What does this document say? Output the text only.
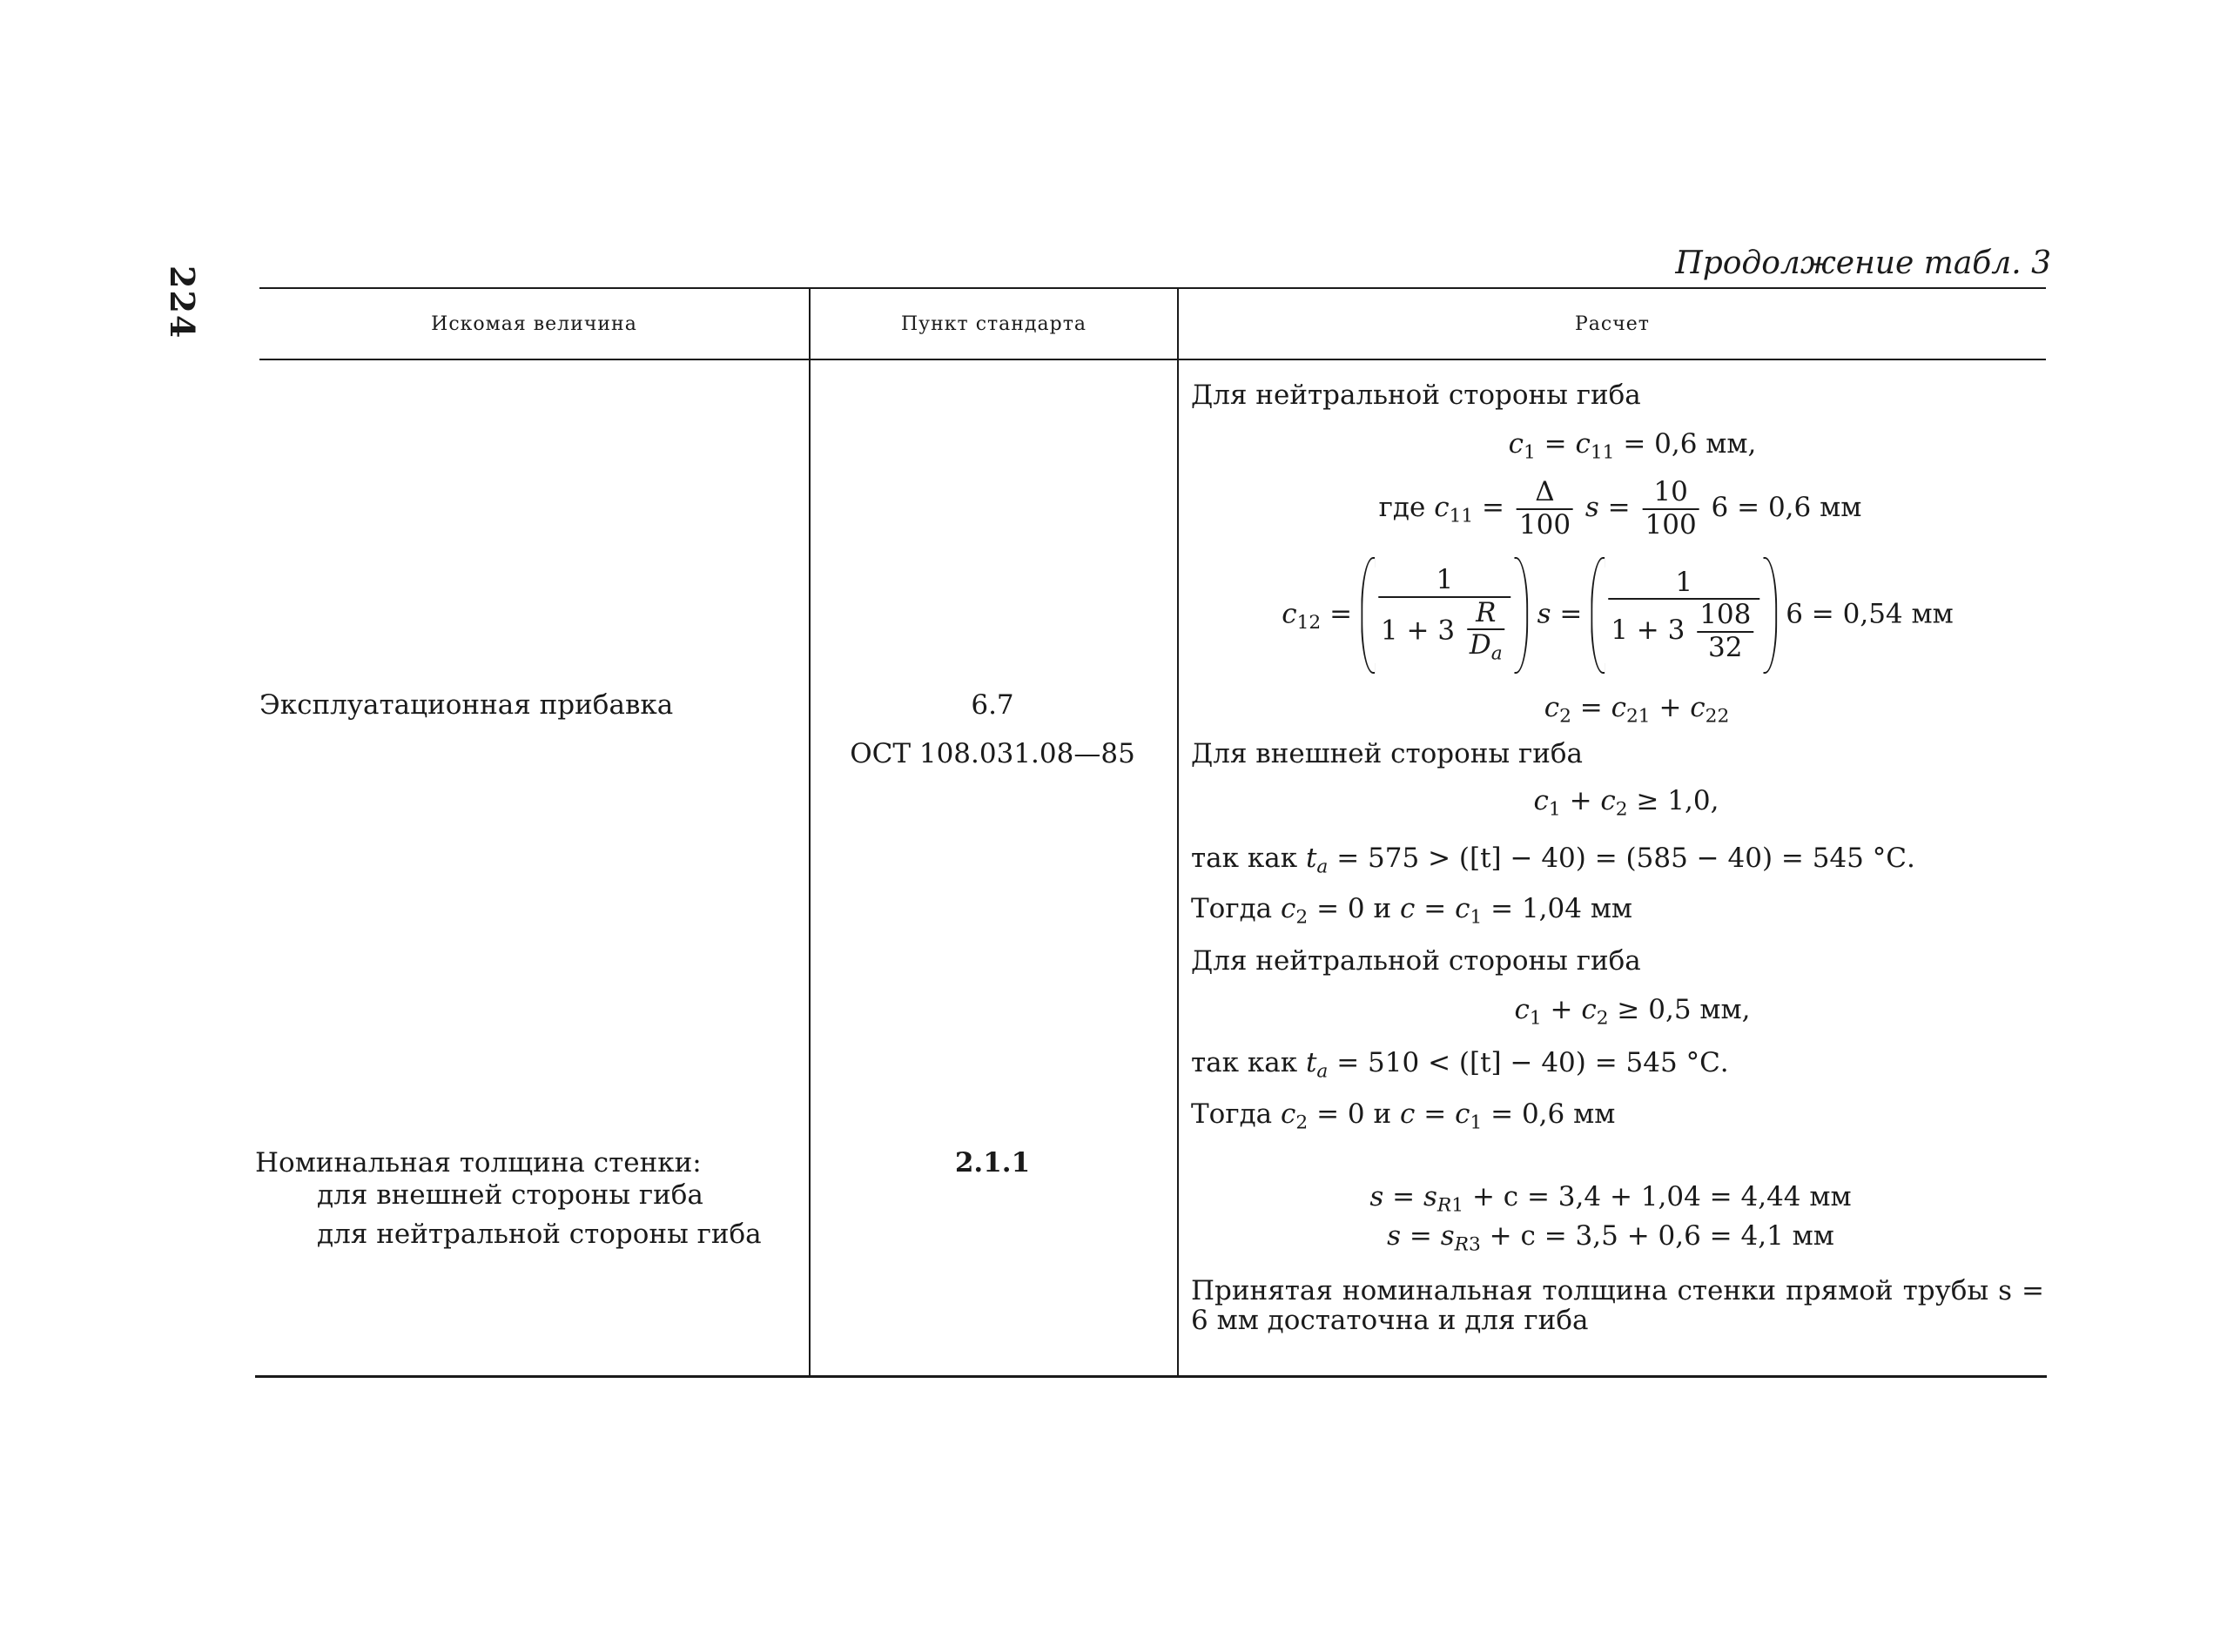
224
Продолжение табл. 3
Искомая величина	Пункт стандарта	Расчет
Эксплуатационная прибавка
Номинальная толщина стенки:
для внешней стороны гиба
для нейтральной стороны гиба
6.7
ОСТ 108.031.08—85
2.1.1
Для нейтральной стороны гиба
$c_1 = c_{11} = 0,6$ мм,
где $c_{11} = \frac{\Delta}{100}$ $s = \frac{10}{100} 6 = 0,6$ мм
$c_{12} = \frac{1}{1 + 3 \frac{R}{D_a}}$ $s = \frac{1}{1 + 3 \frac{108}{32}} 6 = 0,54$ мм
$c_2 = c_{21} + c_{22}$
Для внешней стороны гиба
$c_1 + c_2 \ge 1,0$,
так как $t_a = 575 > ([t] - 40) = (585 - 40) = 545$ °С.
Тогда $c_2 = 0$ и $c = c_1 = 1,04$ мм
Для нейтральной стороны гиба
$c_1 + c_2 \ge 0,5$ мм,
так как $t_a = 510 < ([t] - 40) = 545$ °С.
Тогда $c_2 = 0$ и $c = c_1 = 0,6$ мм
$s = s_{R1} + c = 3,4 + 1,04 = 4,44$ мм
$s = s_{R3} + c = 3,5 + 0,6 = 4,1$ мм
Принятая номинальная толщина стенки прямой трубы s = 6 мм достаточна и для гиба
